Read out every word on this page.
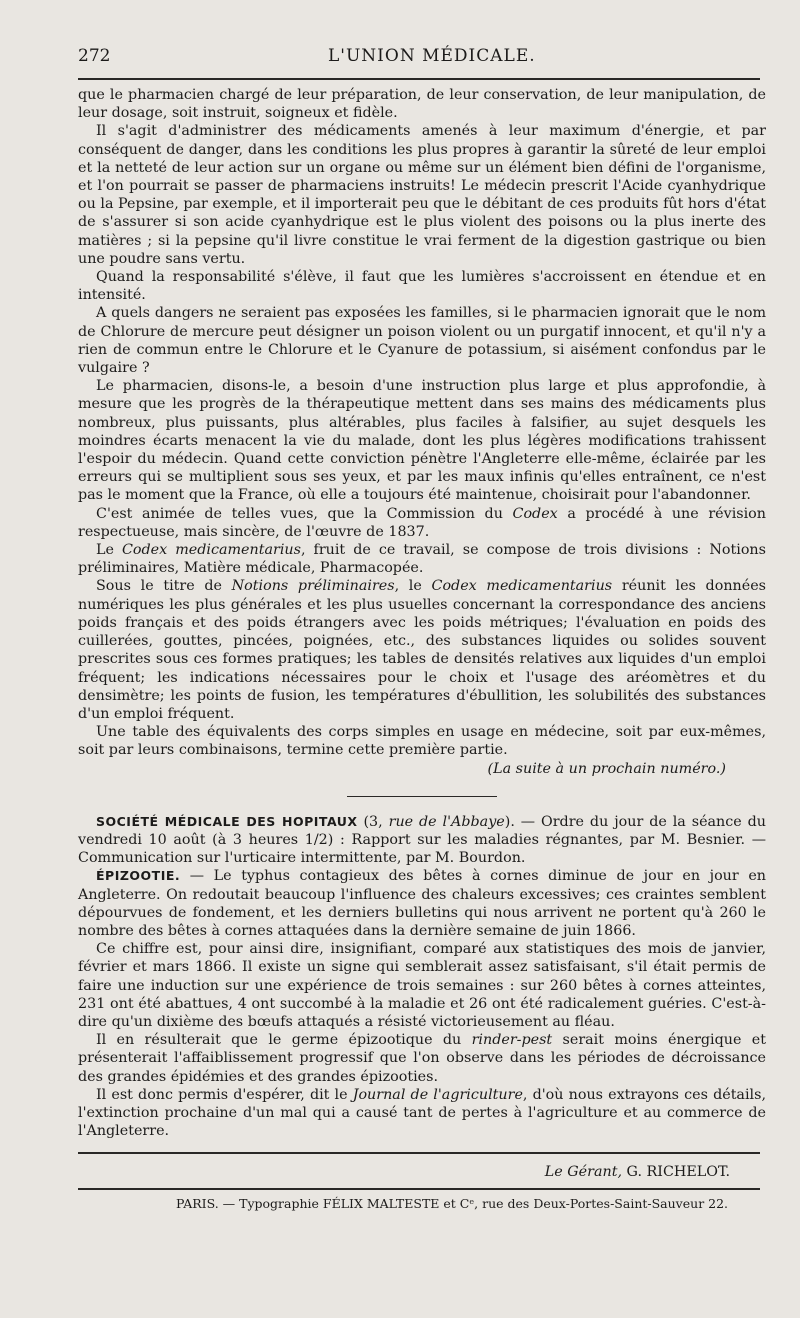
272	L'UNION MÉDICALE.

que le pharmacien chargé de leur préparation, de leur conservation, de leur manipulation, de leur dosage, soit instruit, soigneux et fidèle.

Il s'agit d'administrer des médicaments amenés à leur maximum d'énergie, et par conséquent de danger, dans les conditions les plus propres à garantir la sûreté de leur emploi et la netteté de leur action sur un organe ou même sur un élément bien défini de l'organisme, et l'on pourrait se passer de pharmaciens instruits! Le médecin prescrit l'Acide cyanhydrique ou la Pepsine, par exemple, et il importerait peu que le débitant de ces produits fût hors d'état de s'assurer si son acide cyanhydrique est le plus violent des poisons ou la plus inerte des matières ; si la pepsine qu'il livre constitue le vrai ferment de la digestion gastrique ou bien une poudre sans vertu.

Quand la responsabilité s'élève, il faut que les lumières s'accroissent en étendue et en intensité.

A quels dangers ne seraient pas exposées les familles, si le pharmacien ignorait que le nom de Chlorure de mercure peut désigner un poison violent ou un purgatif innocent, et qu'il n'y a rien de commun entre le Chlorure et le Cyanure de potassium, si aisément confondus par le vulgaire ?

Le pharmacien, disons-le, a besoin d'une instruction plus large et plus approfondie, à mesure que les progrès de la thérapeutique mettent dans ses mains des médicaments plus nombreux, plus puissants, plus altérables, plus faciles à falsifier, au sujet desquels les moindres écarts menacent la vie du malade, dont les plus légères modifications trahissent l'espoir du médecin. Quand cette conviction pénètre l'Angleterre elle-même, éclairée par les erreurs qui se multiplient sous ses yeux, et par les maux infinis qu'elles entraînent, ce n'est pas le moment que la France, où elle a toujours été maintenue, choisirait pour l'abandonner.

C'est animée de telles vues, que la Commission du Codex a procédé à une révision respectueuse, mais sincère, de l'œuvre de 1837.

Le Codex medicamentarius, fruit de ce travail, se compose de trois divisions : Notions préliminaires, Matière médicale, Pharmacopée.

Sous le titre de Notions préliminaires, le Codex medicamentarius réunit les données numériques les plus générales et les plus usuelles concernant la correspondance des anciens poids français et des poids étrangers avec les poids métriques; l'évaluation en poids des cuillerées, gouttes, pincées, poignées, etc., des substances liquides ou solides souvent prescrites sous ces formes pratiques; les tables de densités relatives aux liquides d'un emploi fréquent; les indications nécessaires pour le choix et l'usage des aréomètres et du densimètre; les points de fusion, les températures d'ébullition, les solubilités des substances d'un emploi fréquent.

Une table des équivalents des corps simples en usage en médecine, soit par eux-mêmes, soit par leurs combinaisons, termine cette première partie.

(La suite à un prochain numéro.)

SOCIÉTÉ MÉDICALE DES HOPITAUX (3, rue de l'Abbaye). — Ordre du jour de la séance du vendredi 10 août (à 3 heures 1/2) : Rapport sur les maladies régnantes, par M. Besnier. — Communication sur l'urticaire intermittente, par M. Bourdon.

ÉPIZOOTIE. — Le typhus contagieux des bêtes à cornes diminue de jour en jour en Angleterre. On redoutait beaucoup l'influence des chaleurs excessives; ces craintes semblent dépourvues de fondement, et les derniers bulletins qui nous arrivent ne portent qu'à 260 le nombre des bêtes à cornes attaquées dans la dernière semaine de juin 1866.

Ce chiffre est, pour ainsi dire, insignifiant, comparé aux statistiques des mois de janvier, février et mars 1866. Il existe un signe qui semblerait assez satisfaisant, s'il était permis de faire une induction sur une expérience de trois semaines : sur 260 bêtes à cornes atteintes, 231 ont été abattues, 4 ont succombé à la maladie et 26 ont été radicalement guéries. C'est-à-dire qu'un dixième des bœufs attaqués a résisté victorieusement au fléau.

Il en résulterait que le germe épizootique du rinder-pest serait moins énergique et présenterait l'affaiblissement progressif que l'on observe dans les périodes de décroissance des grandes épidémies et des grandes épizooties.

Il est donc permis d'espérer, dit le Journal de l'agriculture, d'où nous extrayons ces détails, l'extinction prochaine d'un mal qui a causé tant de pertes à l'agriculture et au commerce de l'Angleterre.

Le Gérant, G. RICHELOT.
PARIS. — Typographie FÉLIX MALTESTE et Cᵉ, rue des Deux-Portes-Saint-Sauveur 22.
